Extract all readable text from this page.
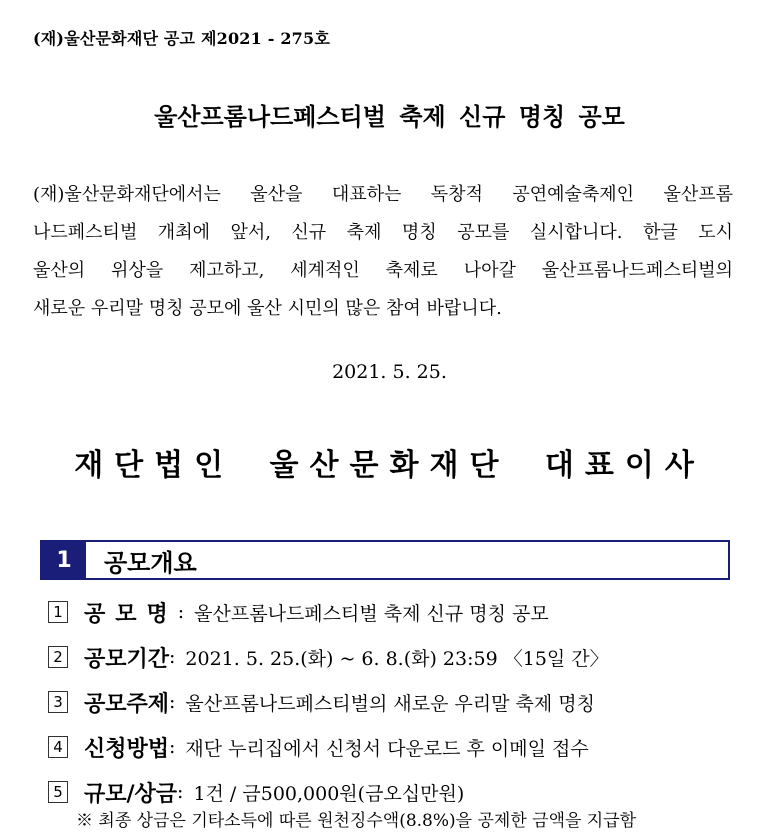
(재)울산문화재단 공고 제2021 - 275호
울산프롬나드페스티벌 축제 신규 명칭 공모
(재)울산문화재단에서는 울산을 대표하는 독창적 공연예술축제인 울산프롬
나드페스티벌 개최에 앞서, 신규 축제 명칭 공모를 실시합니다. 한글 도시
울산의 위상을 제고하고, 세계적인 축제로 나아갈 울산프롬나드페스티벌의
새로운 우리말 명칭 공모에 울산 시민의 많은 참여 바랍니다.
2021. 5. 25.
재단법인 울산문화재단 대표이사
1	공모개요
1 공모명 : 울산프롬나드페스티벌 축제 신규 명칭 공모
2 공모기간 : 2021. 5. 25.(화) ~ 6. 8.(화) 23:59 〈15일 간〉
3 공모주제 : 울산프롬나드페스티벌의 새로운 우리말 축제 명칭
4 신청방법 : 재단 누리집에서 신청서 다운로드 후 이메일 접수
5 규모/상금 : 1건 / 금500,000원(금오십만원)
※ 최종 상금은 기타소득에 따른 원천징수액(8.8%)을 공제한 금액을 지급함
